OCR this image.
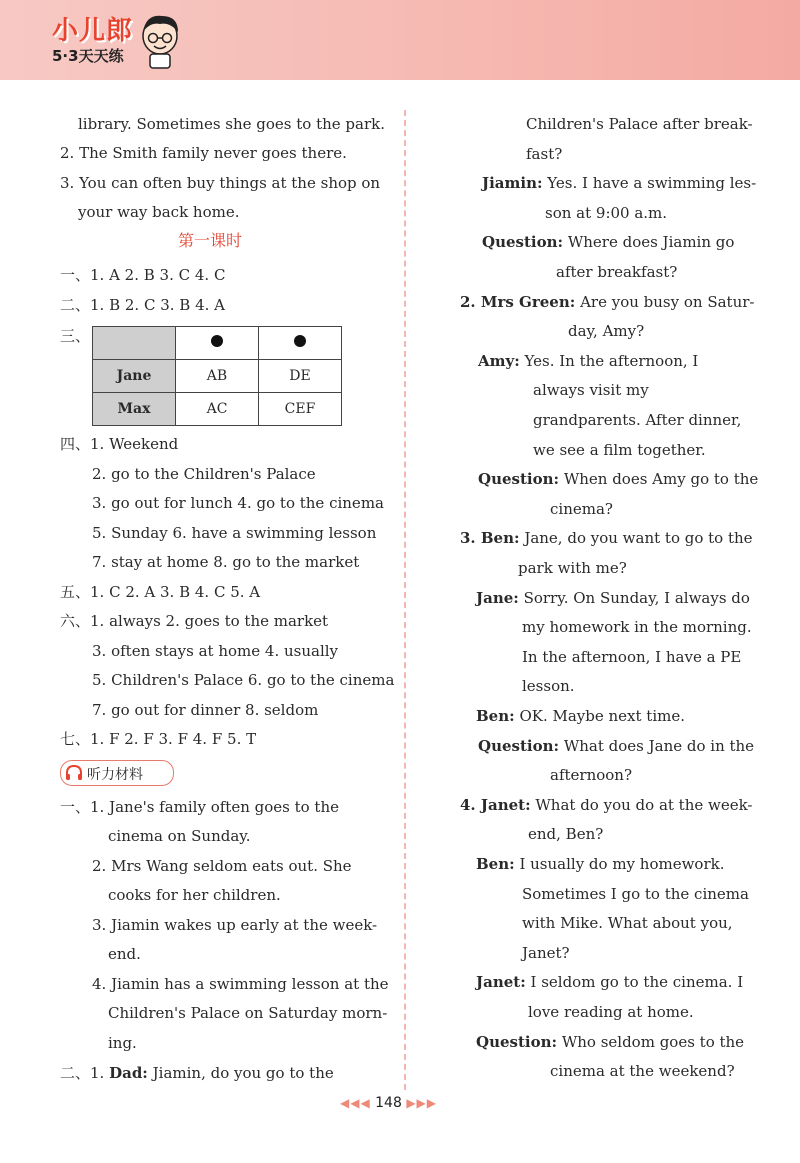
小儿郎
5·3天天练
library. Sometimes she goes to the park.
2. The Smith family never goes there.
3. You can often buy things at the shop on
your way back home.
第一课时
一、1. A 2. B 3. C 4. C
二、1. B 2. C 3. B 4. A
三、

Jane	AB	DE
Max	AC	CEF
四、1. Weekend
2. go to the Children's Palace
3. go out for lunch 4. go to the cinema
5. Sunday 6. have a swimming lesson
7. stay at home 8. go to the market
五、1. C 2. A 3. B 4. C 5. A
六、1. always 2. goes to the market
3. often stays at home 4. usually
5. Children's Palace 6. go to the cinema
7. go out for dinner 8. seldom
七、1. F 2. F 3. F 4. F 5. T
听力材料
一、1. Jane's family often goes to the
cinema on Sunday.
2. Mrs Wang seldom eats out. She
cooks for her children.
3. Jiamin wakes up early at the week-
end.
4. Jiamin has a swimming lesson at the
Children's Palace on Saturday morn-
ing.
二、1. Dad: Jiamin, do you go to the
Children's Palace after break-
fast?
Jiamin: Yes. I have a swimming les-
son at 9:00 a.m.
Question: Where does Jiamin go
after breakfast?
2. Mrs Green: Are you busy on Satur-
day, Amy?
Amy: Yes. In the afternoon, I
always visit my
grandparents. After dinner,
we see a film together.
Question: When does Amy go to the
cinema?
3. Ben: Jane, do you want to go to the
park with me?
Jane: Sorry. On Sunday, I always do
my homework in the morning.
In the afternoon, I have a PE
lesson.
Ben: OK. Maybe next time.
Question: What does Jane do in the
afternoon?
4. Janet: What do you do at the week-
end, Ben?
Ben: I usually do my homework.
Sometimes I go to the cinema
with Mike. What about you,
Janet?
Janet: I seldom go to the cinema. I
love reading at home.
Question: Who seldom goes to the
cinema at the weekend?
◀◀◀ 148 ▶▶▶
